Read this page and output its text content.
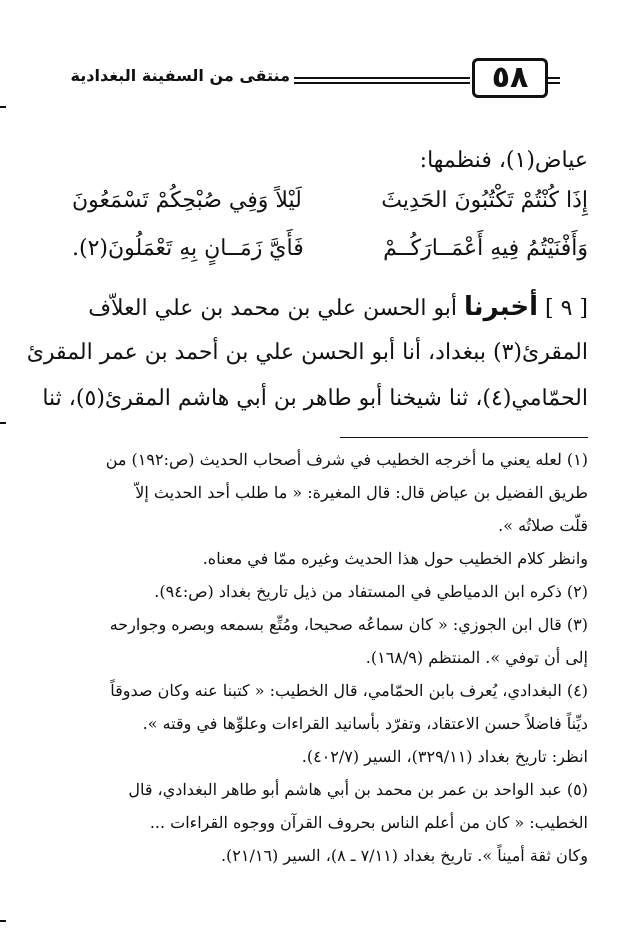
منتقى من السفينة البغدادية	٥٨
عياض(١)، فنظمها:
إِذَا كُنْتُمْ تَكْتُبُونَ الحَدِيثَ
لَيْلاً وَفِي صُبْحِكُمْ تَسْمَعُونَ
وَأَفْنَيْتُمُ فِيهِ أَعْمَــارَكُــمْ
فَأَيَّ زَمَــانٍ بِهِ تَعْمَلُونَ(٢).
[ ٩ ] أخبرنا أبو الحسن علي بن محمد بن علي العلاّف
المقرئ(٣) ببغداد، أنا أبو الحسن علي بن أحمد بن عمر المقرئ
الحمّامي(٤)، ثنا شيخنا أبو طاهر بن أبي هاشم المقرئ(٥)، ثنا
(١) لعله يعني ما أخرجه الخطيب في شرف أصحاب الحديث (ص:١٩٢) من
طريق الفضيل بن عياض قال: قال المغيرة: « ما طلب أحد الحديث إلاّ
قلّت صلاتُه ».
وانظر كلام الخطيب حول هذا الحديث وغيره ممّا في معناه.
(٢) ذكره ابن الدمياطي في المستفاد من ذيل تاريخ بغداد (ص:٩٤).
(٣) قال ابن الجوزي: « كان سماعُه صحيحا، ومُتِّع بسمعه وبصره وجوارحه
إلى أن توفي ». المنتظم (١٦٨/٩).
(٤) البغدادي، يُعرف بابن الحمّامي، قال الخطيب: « كتبنا عنه وكان صدوقاً
ديِّناً فاضلاً حسن الاعتقاد، وتفرّد بأسانيد القراءات وعلوِّها في وقته ».
انظر: تاريخ بغداد (٣٢٩/١١)، السير (٤٠٢/٧).
(٥) عبد الواحد بن عمر بن محمد بن أبي هاشم أبو طاهر البغدادي، قال
الخطيب: « كان من أعلم الناس بحروف القرآن ووجوه القراءات ...
وكان ثقة أميناً ». تاريخ بغداد (٧/١١ ـ ٨)، السير (٢١/١٦).
